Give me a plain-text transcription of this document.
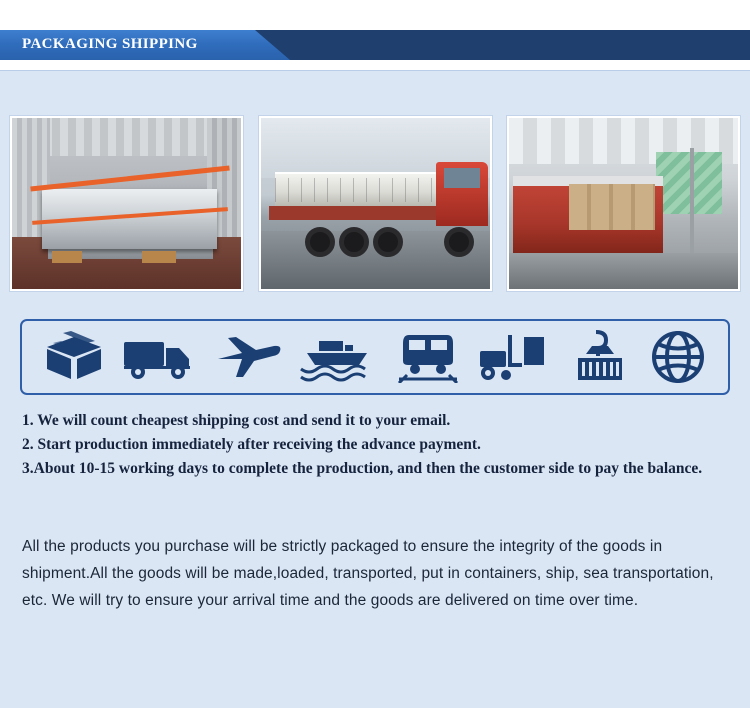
PACKAGING SHIPPING

1. We will count cheapest shipping cost and send it to your email.

2. Start production immediately after receiving the advance payment.

3.About 10-15 working days to complete the production, and then the customer side to pay the balance.

All the products you purchase will be strictly packaged to ensure the integrity of the goods in shipment.All the goods will be made,loaded, transported, put in containers, ship, sea transportation, etc. We will try to ensure your arrival time and the goods are delivered on time over time.
